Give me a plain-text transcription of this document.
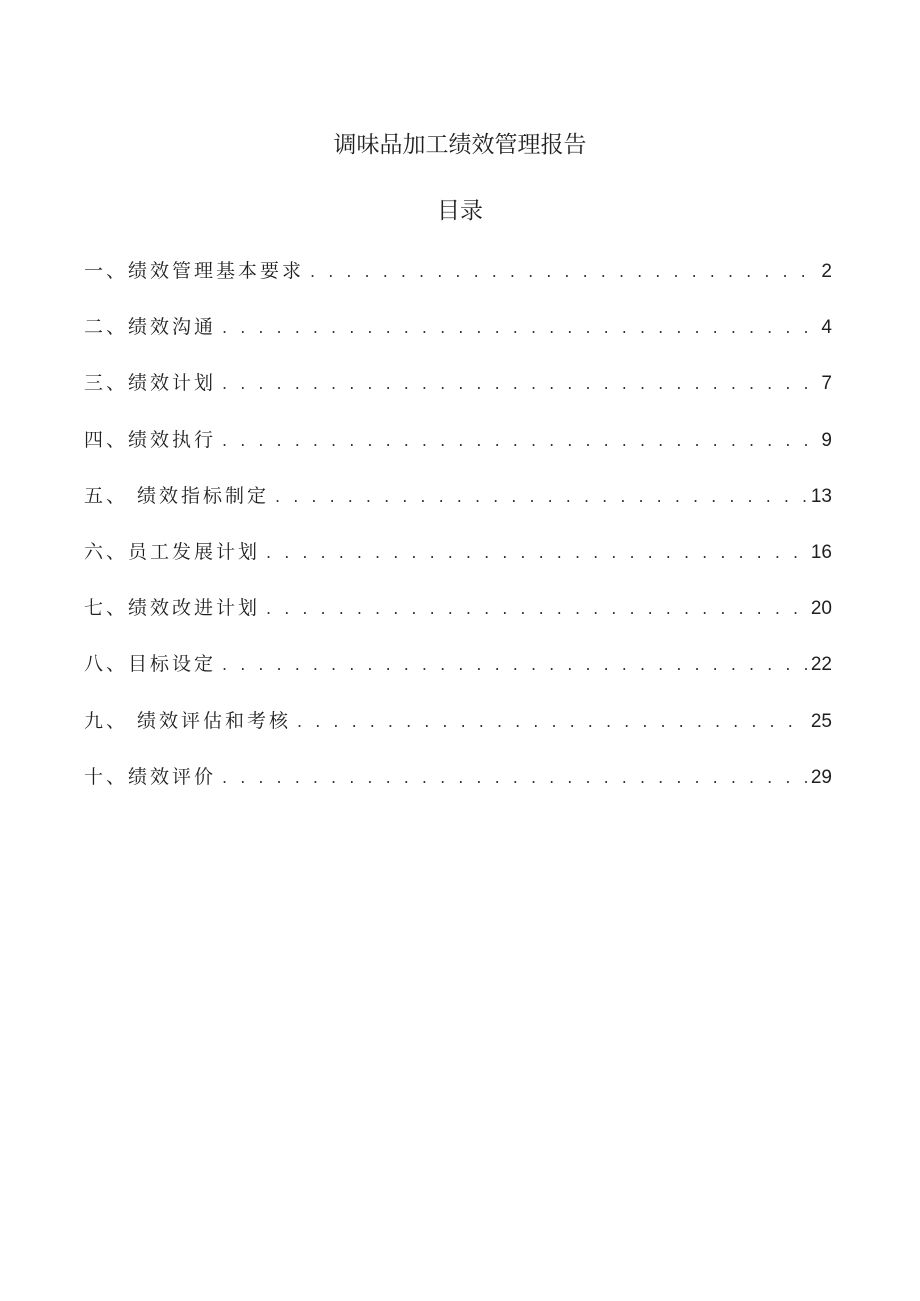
调味品加工绩效管理报告
目录
一、绩效管理基本要求 . . .	2
二、绩效沟通 . . .	4
三、绩效计划 . . .	7
四、绩效执行 . . .	9
五、 绩效指标制定 . . .	13
六、员工发展计划 . . .	16
七、绩效改进计划 . . .	20
八、目标设定 . . .	22
九、 绩效评估和考核 . . .	25
十、绩效评价 . . .	29
